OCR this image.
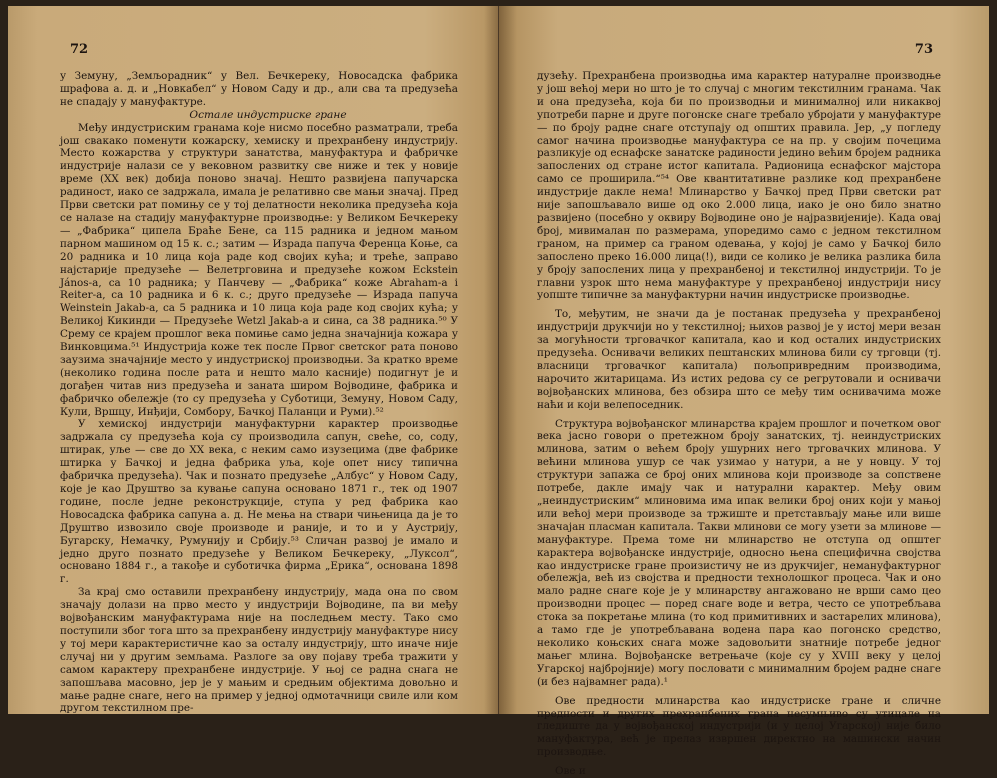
72

у Земуну, „Земљорадник“ у Вел. Бечкереку, Новосадска фабрика шрафова а. д. и „Новкабел“ у Новом Саду и др., али сва та предузећа не спадају у мануфактуре.

Остале индустриске гране

Међу индустриским гранама које нисмо посебно разматрали, треба још свакако поменути кожарску, хемиску и прехранбену индустрију. Место кожарства у структури занатства, мануфактура и фабричке индустрије налази се у вековном развитку све ниже и тек у новије време (XX век) добија поново значај. Нешто развијена папучарска радиност, иако се задржала, имала је релативно све мањи значај. Пред Први светски рат помињу се у тој делатности неколика предузећа која се налазе на стадију мануфактурне производње: у Великом Бечкереку — „Фабрика“ ципела Браће Бене, са 115 радника и једном мањом парном машином од 15 к. с.; затим — Израда папуча Ференца Коње, са 20 радника и 10 лица која раде код својих кућа; и треће, заправо најстарије предузеће — Велетрговина и предузеће кожом Eckstein János-a, са 10 радника; у Панчеву — „Фабрика“ коже Abraham-a i Reiter-a, са 10 радника и 6 к. с.; друго предузеће — Израда папуча Weinstein Jakab-a, са 5 радника и 10 лица која раде код својих кућа; у Великој Кикинди — Предузеће Wetzl Jakab-a и сина, са 38 радника.⁵⁰ У Срему се крајем прошлог века помиње само једна значајнија кожара у Винковцима.⁵¹ Индустрија коже тек после Првог светског рата поново заузима значајније место у индустриској производњи. За кратко време (неколико година после рата и нешто мало касније) подигнут је и догађен читав низ предузећа и заната широм Војводине, фабрика и фабричко обележје (то су предузећа у Суботици, Земуну, Новом Саду, Кули, Вршцу, Инђији, Сомбору, Бачкој Паланци и Руми).⁵²

У хемиској индустрији мануфактурни карактер производње задржала су предузећа која су производила сапун, свеће, со, соду, штирак, уље — све до XX века, с неким само изузецима (две фабрике штирка у Бачкој и једна фабрика уља, које опет нису типична фабричка предузећа). Чак и познато предузеће „Албус“ у Новом Саду, које је као Друштво за кување сапуна основано 1871 г., тек од 1907 године, после једне реконструкције, ступа у ред фабрика као Новосадска фабрика сапуна а. д. Не мења на ствари чињеница да је то Друштво извозило своје производе и раније, и то и у Аустрију, Бугарску, Немачку, Румунију и Србију.⁵³ Сличан развој је имало и једно друго познато предузеће у Великом Бечкереку, „Луксол“, основано 1884 г., а такође и суботичка фирма „Ерика“, основана 1898 г.

За крај смо оставили прехранбену индустрију, мада она по свом значају долази на прво место у индустрији Војводине, па ви међу војвођанским мануфактурама није на последњем месту. Тако смо поступили због тога што за прехранбену индустрију мануфактуре нису у тој мери карактеристичне као за осталу индустрију, што иначе није случај ни у другим земљама. Разлоге за ову појаву треба тражити у самом карактеру прехранбене индустрије. У њој се радна снага не запошљава масовно, јер је у мањим и средњим објектима довољно и мање радне снаге, него на пример у једној одмотачници свиле или ком другом текстилном пре-

73

дузећу. Прехранбена производња има карактер натуралне производње у још већој мери но што је то случај с многим текстилним гранама. Чак и она предузећа, која би по производњи и минималној или никаквој употреби парне и друге погонске снаге требало убројати у мануфактуре — по броју радне снаге отступају од општих правила. Јер, „у погледу самог начина производње мануфактура се на пр. у својим почецима разликује од еснафске занатске радиности једино већим бројем радника запослених од стране истог капитала. Радионица еснафског мајстора само се проширила.“⁵⁴ Ове квантитативне разлике код прехранбене индустрије дакле нема! Млинарство у Бачкој пред Први светски рат није запошљавало више од око 2.000 лица, иако је оно било знатно развијено (посебно у оквиру Војводине оно је најразвијеније). Када овај број, мивималан по размерама, упоредимо само с једном текстилном граном, на пример са граном одевања, у којој је само у Бачкој било запослено преко 16.000 лица(!), види се колико је велика разлика била у броју запослених лица у прехранбеној и текстилној индустрији. То је главни узрок што нема мануфактуре у прехранбеној индустрији нису уопште типичне за мануфактурни начин индустриске производње.

То, међутим, не значи да је постанак предузећа у прехранбеној индустрији друкчији но у текстилној; њихов развој је у истој мери везан за могућности трговачког капитала, као и код осталих индустриских предузећа. Оснивачи великих пештанских млинова били су трговци (тј. власници трговачког капитала) пољопривредним производима, нарочито житарицама. Из истих редова су се регрутовали и оснивачи војвођанских млинова, без обзира што се међу тим оснивачима може наћи и који велепоседник.

Структура војвођанског млинарства крајем прошлог и почетком овог века јасно говори о претежном броју занатских, тј. неиндустриских млинова, затим о већем броју ушурних него трговачких млинова. У већини млинова ушур се чак узимао у натури, а не у новцу. У тој структури запажа се број оних млинова који производе за сопствене потребе, дакле имају чак и натурални карактер. Међу овим „неиндустриским“ млиновима има ипак велики број оних који у мањој или већој мери производе за тржиште и претстављају мање или више значајан пласман капитала. Такви млинови се могу узети за млинове — мануфактуре. Према томе ни млинарство не отступа од општег карактера војвођанске индустрије, односно њена специфична својства као индустриске гране произистичу не из друкчијег, немануфактурног обележја, већ из својства и предности технолошког процеса. Чак и оно мало радне снаге које је у млинарству ангажовано не врши само цео производни процес — поред снаге воде и ветра, често се употребљава стока за покретање млина (то код примитивних и застарелих млинова), а тамо где је употребљавана водена пара као погонско средство, неколико коњских снага може задовољити знатније потребе једног мањег млина. Војвођанске ветрењаче (које су у XVIII веку у целој Угарској најбројније) могу пословати с минималним бројем радне снаге (и без највамнег рада).¹

Ове предности млинарства као индустриске гране и сличне предности и других прехранбених грана несумњиво су утицале на гледиште да у војвођанској индустрији (и у целој Угарској) није било мануфактура, већ је прелаз извршен директно на машински начин производње.

Ове и
